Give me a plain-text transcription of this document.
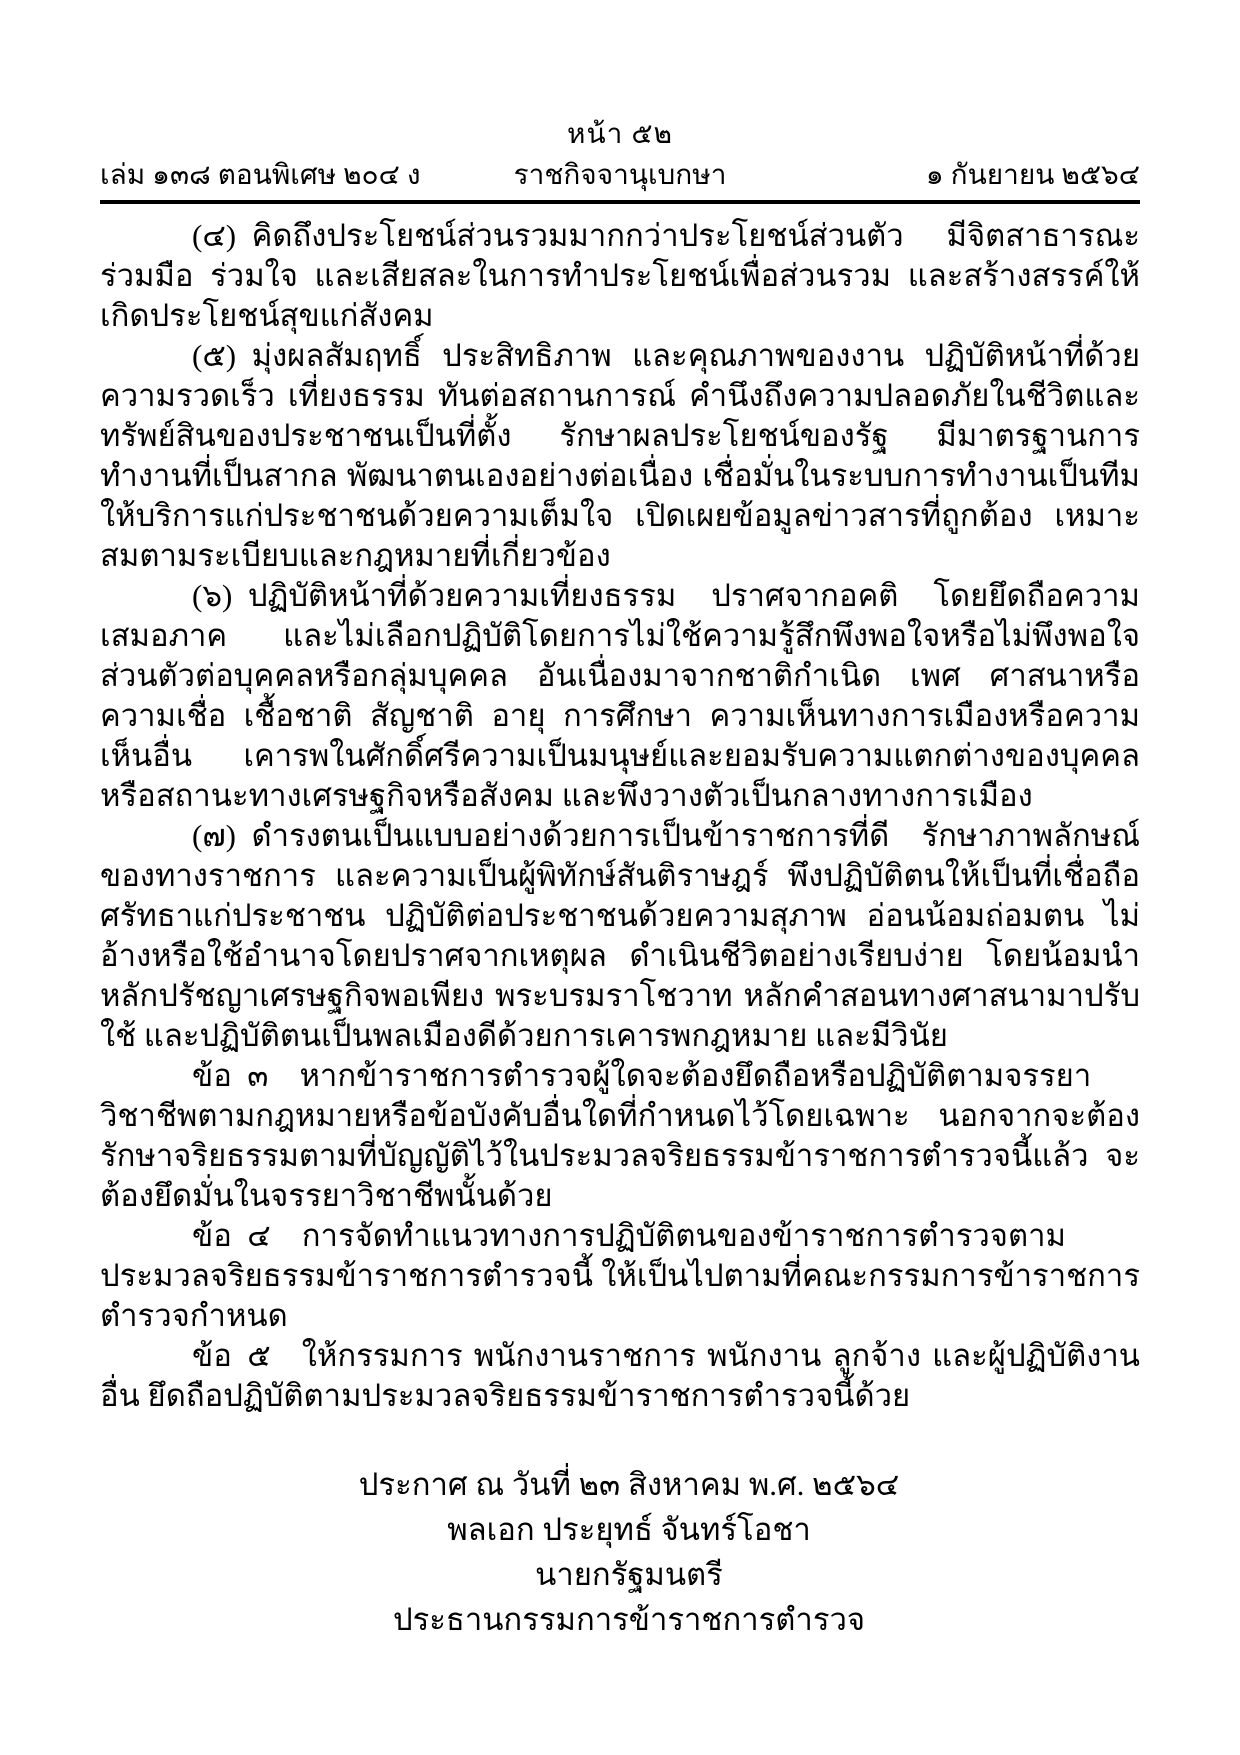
หน้า ๕๒
เล่ม ๑๓๘ ตอนพิเศษ ๒๐๔ ง	ราชกิจจานุเบกษา	๑ กันยายน ๒๕๖๔

(๔) คิดถึงประโยชน์ส่วนรวมมากกว่าประโยชน์ส่วนตัว มีจิตสาธารณะ ร่วมมือ ร่วมใจ และเสียสละในการทำประโยชน์เพื่อส่วนรวม และสร้างสรรค์ให้เกิดประโยชน์สุขแก่สังคม

(๕) มุ่งผลสัมฤทธิ์ ประสิทธิภาพ และคุณภาพของงาน ปฏิบัติหน้าที่ด้วยความรวดเร็ว เที่ยงธรรม ทันต่อสถานการณ์ คำนึงถึงความปลอดภัยในชีวิตและทรัพย์สินของประชาชนเป็นที่ตั้ง รักษาผลประโยชน์ของรัฐ มีมาตรฐานการทำงานที่เป็นสากล พัฒนาตนเองอย่างต่อเนื่อง เชื่อมั่น​ในระบบการทำงานเป็นทีม ให้บริการแก่ประชาชนด้วยความเต็มใจ เปิดเผยข้อมูลข่าวสารที่ถูกต้อง เหมาะสมตามระเบียบและกฎหมายที่เกี่ยวข้อง

(๖) ปฏิบัติหน้าที่ด้วยความเที่ยงธรรม ปราศจากอคติ โดยยึดถือความเสมอภาค และไม่เลือกปฏิบัติโดยการไม่ใช้ความรู้สึกพึงพอใจหรือไม่พึงพอใจส่วนตัวต่อบุคคลหรือกลุ่มบุคคล อันเนื่องมาจากชาติกำเนิด เพศ ศาสนาหรือความเชื่อ เชื้อชาติ สัญชาติ อายุ การศึกษา ความเห็นทางการเมืองหรือความเห็นอื่น เคารพในศักดิ์ศรีความเป็นมนุษย์และยอมรับความแตกต่างของบุคคล หรือสถานะทางเศรษฐกิจหรือสังคม และพึงวางตัวเป็นกลางทางการเมือง

(๗) ดำรงตนเป็นแบบอย่างด้วยการเป็นข้าราชการที่ดี รักษาภาพลักษณ์ของทางราชการ และความเป็นผู้พิทักษ์สันติราษฎร์ พึงปฏิบัติตนให้เป็นที่เชื่อถือศรัทธาแก่ประชาชน ปฏิบัติต่อประชาชน​ด้วยความสุภาพ อ่อนน้อมถ่อมตน ไม่อ้างหรือใช้อำนาจโดยปราศจากเหตุผล ดำเนินชีวิตอย่างเรียบง่าย โดยน้อมนำหลักปรัชญาเศรษฐกิจพอเพียง พระบรมราโชวาท หลักคำสอนทางศาสนามาปรับใช้ และปฏิบัติตนเป็นพลเมืองดีด้วยการเคารพกฎหมาย และมีวินัย

ข้อ ๓ หากข้าราชการตำรวจผู้ใดจะต้องยึดถือหรือปฏิบัติตามจรรยาวิชาชีพตามกฎหมาย​หรือข้อบังคับอื่นใดที่กำหนดไว้โดยเฉพาะ นอกจากจะต้องรักษาจริยธรรมตามที่บัญญัติไว้ในประมวล​จริยธรรมข้าราชการตำรวจนี้แล้ว จะต้องยึดมั่นในจรรยาวิชาชีพนั้นด้วย

ข้อ ๔ การจัดทำแนวทางการปฏิบัติตนของข้าราชการตำรวจตามประมวลจริยธรรม​ข้าราชการตำรวจนี้ ให้เป็นไปตามที่คณะกรรมการข้าราชการตำรวจกำหนด

ข้อ ๕ ให้กรรมการ พนักงานราชการ พนักงาน ลูกจ้าง และผู้ปฏิบัติงานอื่น ยึดถือปฏิบัติ​ตามประมวลจริยธรรมข้าราชการตำรวจนี้ด้วย

ประกาศ ณ วันที่ ๒๓ สิงหาคม พ.ศ. ๒๕๖๔
พลเอก ประยุทธ์ จันทร์โอชา
นายกรัฐมนตรี
ประธานกรรมการข้าราชการตำรวจ
